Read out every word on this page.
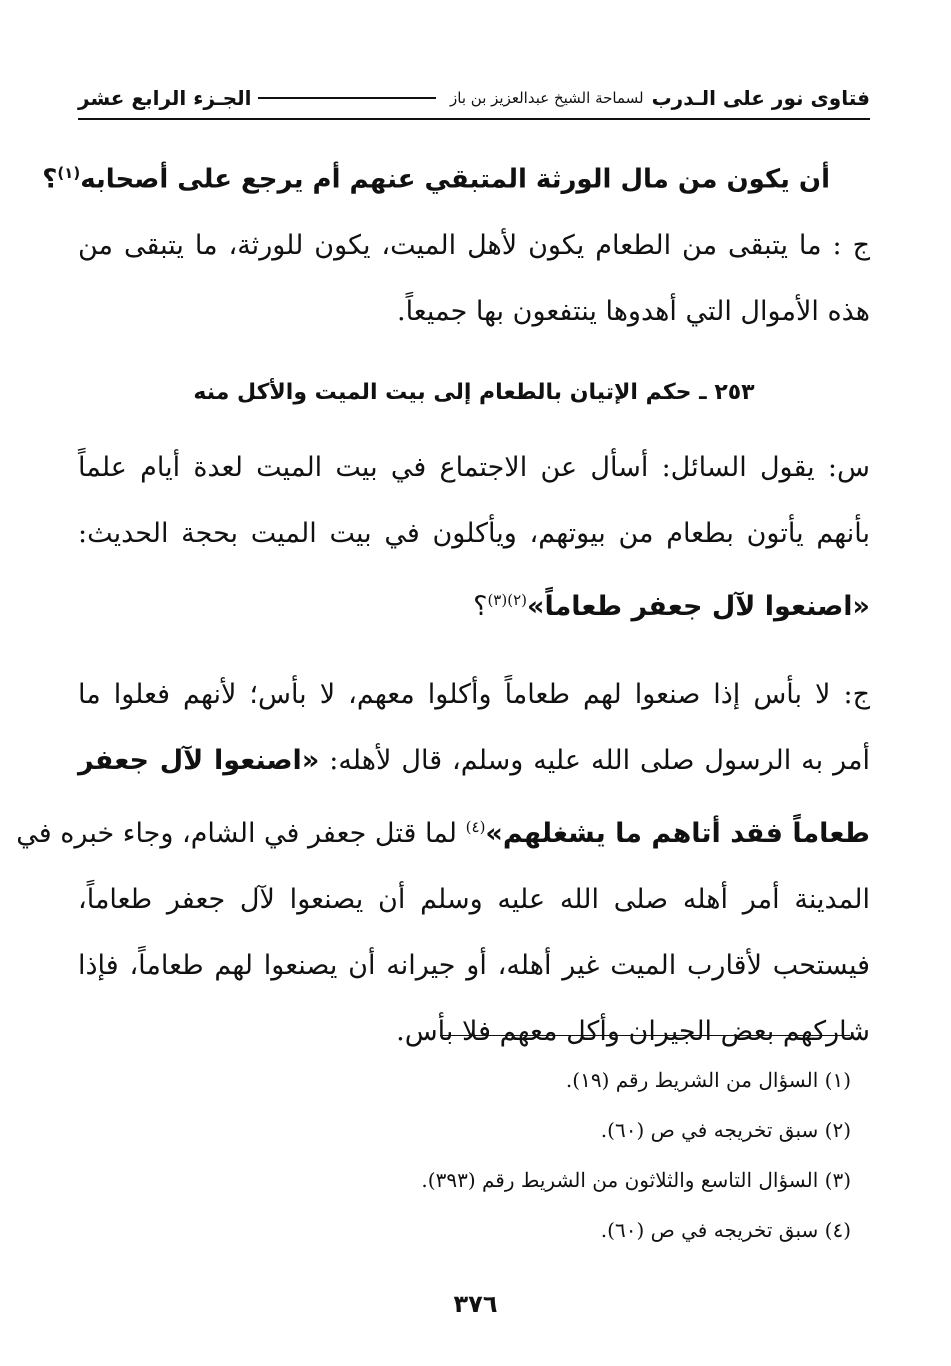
فتاوى نور على الـدرب
لسماحة الشيخ عبدالعزيز بن باز
الجـزء الرابع عشر
أن يكون من مال الورثة المتبقي عنهم أم يرجع على أصحابه$^{(١)}$؟
ج : ما يتبقى من الطعام يكون لأهل الميت، يكون للورثة، ما يتبقى من
هذه الأموال التي أهدوها ينتفعون بها جميعاً.
٢٥٣ ـ حكم الإتيان بالطعام إلى بيت الميت والأكل منه
س: يقول السائل: أسأل عن الاجتماع في بيت الميت لعدة أيام علماً
بأنهم يأتون بطعام من بيوتهم، ويأكلون في بيت الميت بحجة الحديث:
«اصنعوا لآل جعفر طعاماً»$^{(٢)(٣)}$؟
ج: لا بأس إذا صنعوا لهم طعاماً وأكلوا معهم، لا بأس؛ لأنهم فعلوا ما
أمر به الرسول صلى الله عليه وسلم، قال لأهله: «اصنعوا لآل جعفر
طعاماً فقد أتاهم ما يشغلهم»$^{(٤)}$ لما قتل جعفر في الشام، وجاء خبره في
المدينة أمر أهله صلى الله عليه وسلم أن يصنعوا لآل جعفر طعاماً،
فيستحب لأقارب الميت غير أهله، أو جيرانه أن يصنعوا لهم طعاماً، فإذا
شاركهم بعض الجيران وأكل معهم فلا بأس.
(١) السؤال من الشريط رقم (١٩).
(٢) سبق تخريجه في ص (٦٠).
(٣) السؤال التاسع والثلاثون من الشريط رقم (٣٩٣).
(٤) سبق تخريجه في ص (٦٠).
٣٧٦
